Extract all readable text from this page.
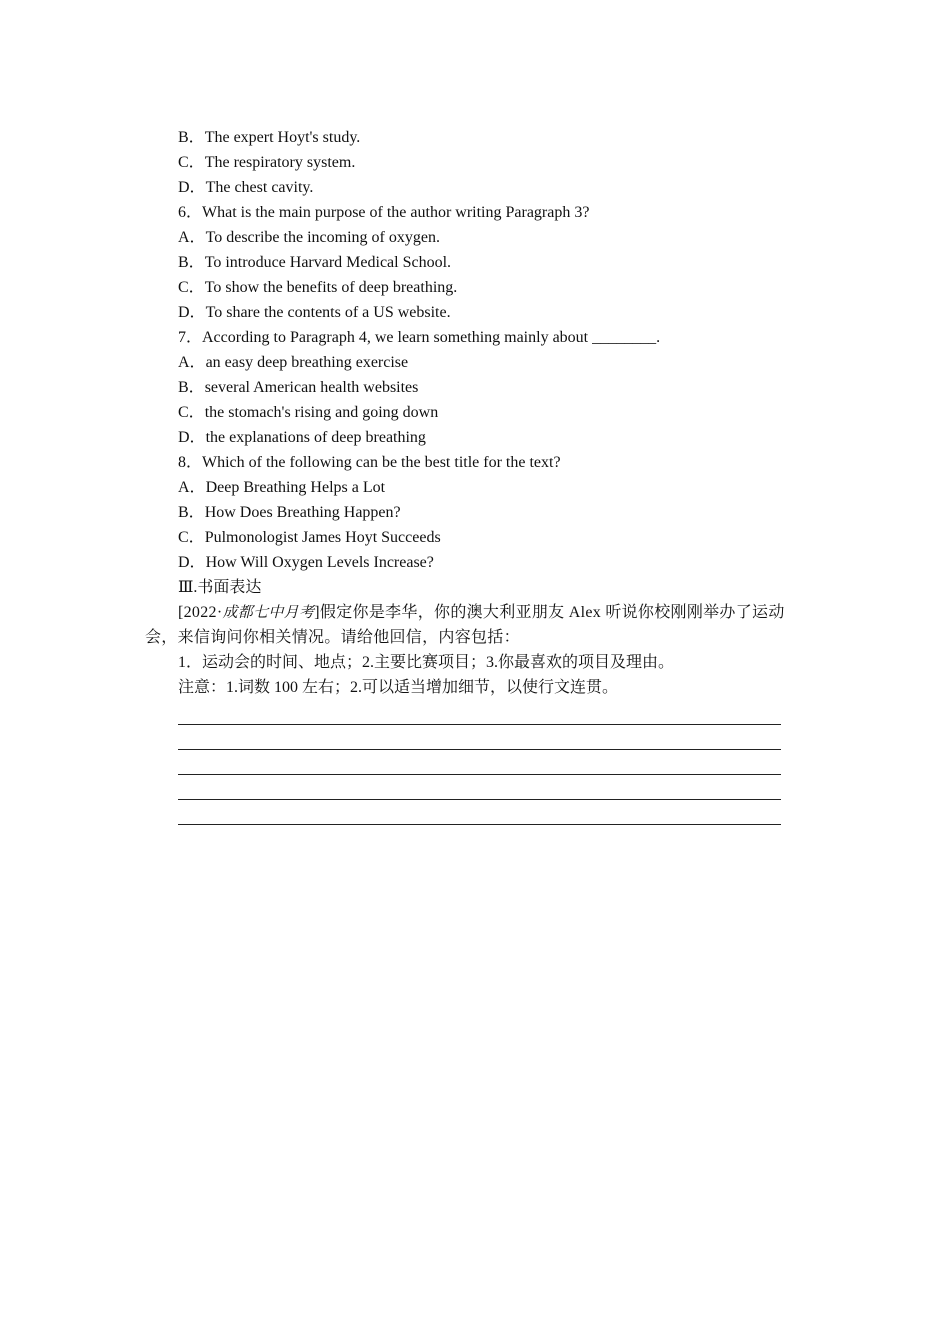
B．The expert Hoyt's study.
C．The respiratory system.
D．The chest cavity.
6．What is the main purpose of the author writing Paragraph 3?
A．To describe the incoming of oxygen.
B．To introduce Harvard Medical School.
C．To show the benefits of deep breathing.
D．To share the contents of a US website.
7．According to Paragraph 4, we learn something mainly about ________.
A．an easy deep breathing exercise
B．several American health websites
C．the stomach's rising and going down
D．the explanations of deep breathing
8．Which of the following can be the best title for the text?
A．Deep Breathing Helps a Lot
B．How Does Breathing Happen?
C．Pulmonologist James Hoyt Succeeds
D．How Will Oxygen Levels Increase?
Ⅲ.书面表达
[2022·成都七中月考]假定你是李华，你的澳大利亚朋友 Alex 听说你校刚刚举办了运动会，来信询问你相关情况。请给他回信，内容包括：
1．运动会的时间、地点；2.主要比赛项目；3.你最喜欢的项目及理由。
注意：1.词数 100 左右；2.可以适当增加细节，以使行文连贯。
